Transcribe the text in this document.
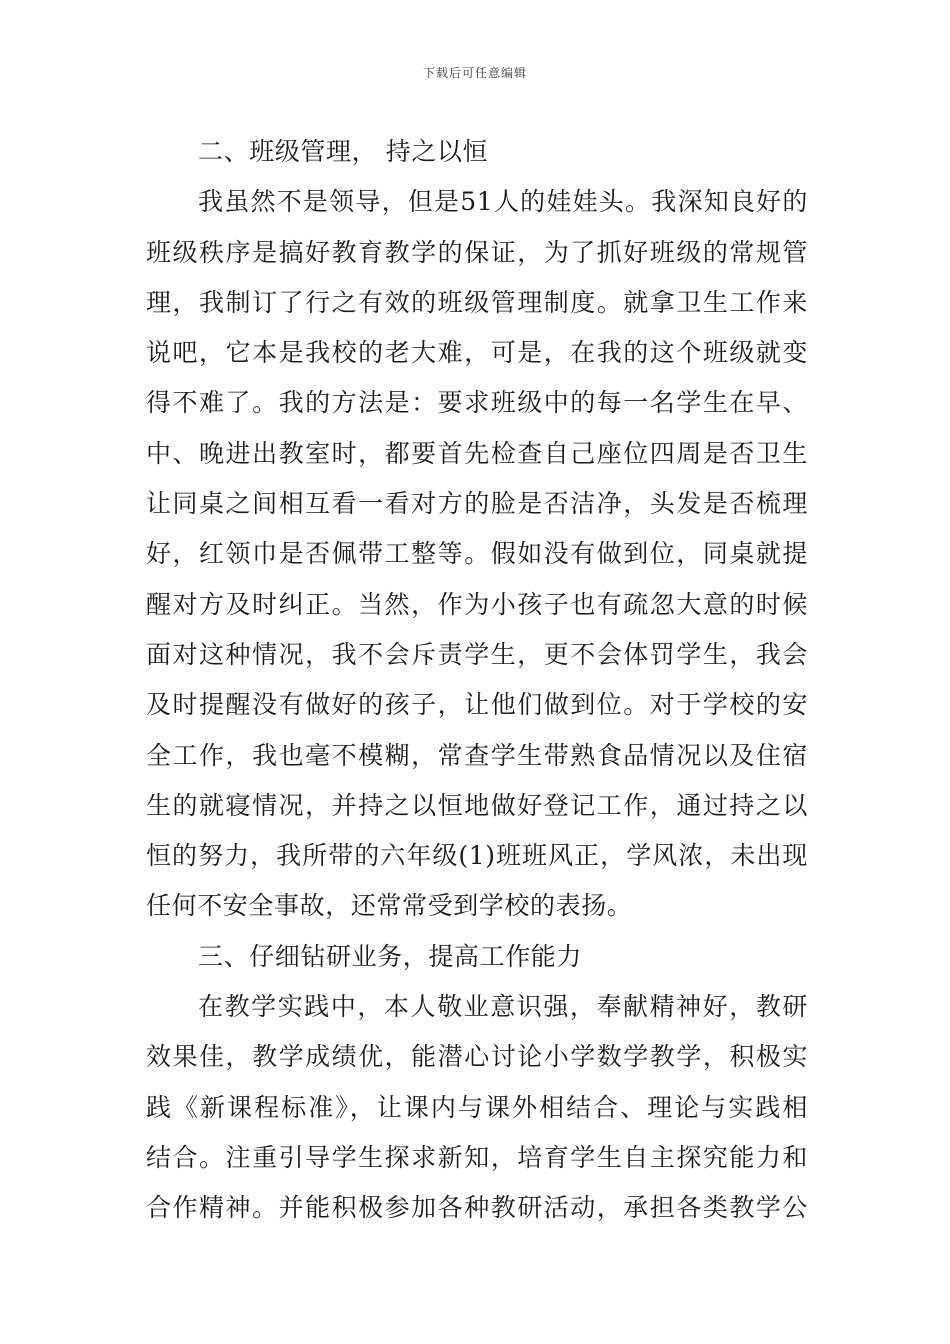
下载后可任意编辑
二、班级管理， 持之以恒
我虽然不是领导，但是51人的娃娃头。我深知良好的
班级秩序是搞好教育教学的保证，为了抓好班级的常规管
理，我制订了行之有效的班级管理制度。就拿卫生工作来
说吧，它本是我校的老大难，可是，在我的这个班级就变
得不难了。我的方法是：要求班级中的每一名学生在早、
中、晚进出教室时，都要首先检查自己座位四周是否卫生
让同桌之间相互看一看对方的脸是否洁净，头发是否梳理
好，红领巾是否佩带工整等。假如没有做到位，同桌就提
醒对方及时纠正。当然，作为小孩子也有疏忽大意的时候
面对这种情况，我不会斥责学生，更不会体罚学生，我会
及时提醒没有做好的孩子，让他们做到位。对于学校的安
全工作，我也毫不模糊，常查学生带熟食品情况以及住宿
生的就寝情况，并持之以恒地做好登记工作，通过持之以
恒的努力，我所带的六年级(1)班班风正，学风浓，未出现
任何不安全事故，还常常受到学校的表扬。
三、仔细钻研业务，提高工作能力
在教学实践中，本人敬业意识强，奉献精神好，教研
效果佳，教学成绩优，能潜心讨论小学数学教学，积极实
践《新课程标准》，让课内与课外相结合、理论与实践相
结合。注重引导学生探求新知，培育学生自主探究能力和
合作精神。并能积极参加各种教研活动，承担各类教学公
